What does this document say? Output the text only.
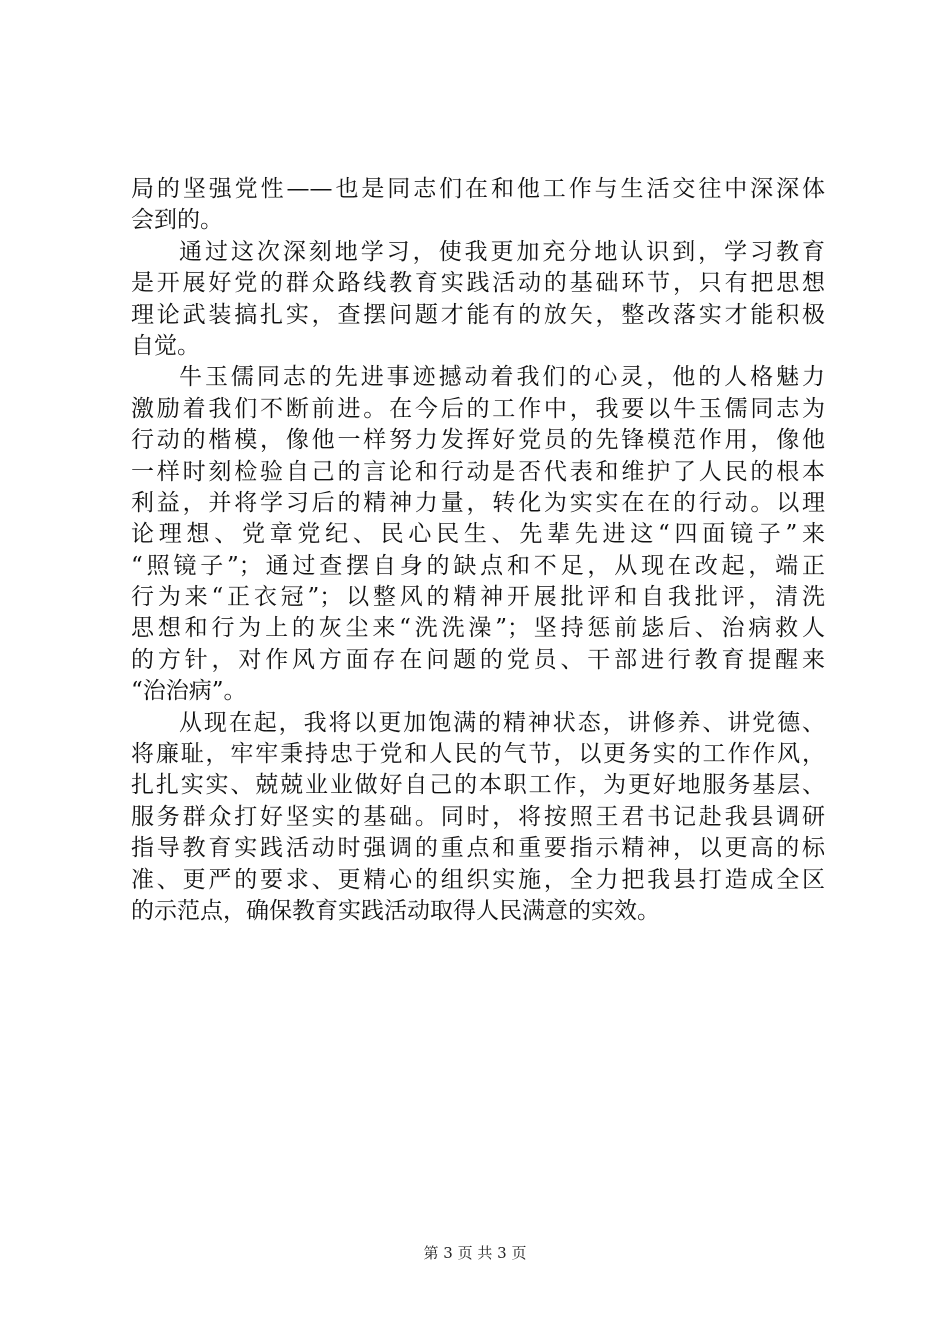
局的坚强党性——也是同志们在和他工作与生活交往中深深体
会到的。
通过这次深刻地学习，使我更加充分地认识到，学习教育
是开展好党的群众路线教育实践活动的基础环节，只有把思想
理论武装搞扎实，查摆问题才能有的放矢，整改落实才能积极
自觉。
牛玉儒同志的先进事迹撼动着我们的心灵，他的人格魅力
激励着我们不断前进。在今后的工作中，我要以牛玉儒同志为
行动的楷模，像他一样努力发挥好党员的先锋模范作用，像他
一样时刻检验自己的言论和行动是否代表和维护了人民的根本
利益，并将学习后的精神力量，转化为实实在在的行动。以理
论理想、党章党纪、民心民生、先辈先进这“四面镜子”来
“照镜子”；通过查摆自身的缺点和不足，从现在改起，端正
行为来“正衣冠”；以整风的精神开展批评和自我批评，清洗
思想和行为上的灰尘来“洗洗澡”；坚持惩前毖后、治病救人
的方针，对作风方面存在问题的党员、干部进行教育提醒来
“治治病”。
从现在起，我将以更加饱满的精神状态，讲修养、讲党德、
将廉耻，牢牢秉持忠于党和人民的气节，以更务实的工作作风，
扎扎实实、兢兢业业做好自己的本职工作，为更好地服务基层、
服务群众打好坚实的基础。同时，将按照王君书记赴我县调研
指导教育实践活动时强调的重点和重要指示精神，以更高的标
准、更严的要求、更精心的组织实施，全力把我县打造成全区
的示范点，确保教育实践活动取得人民满意的实效。
第 3 页 共 3 页
